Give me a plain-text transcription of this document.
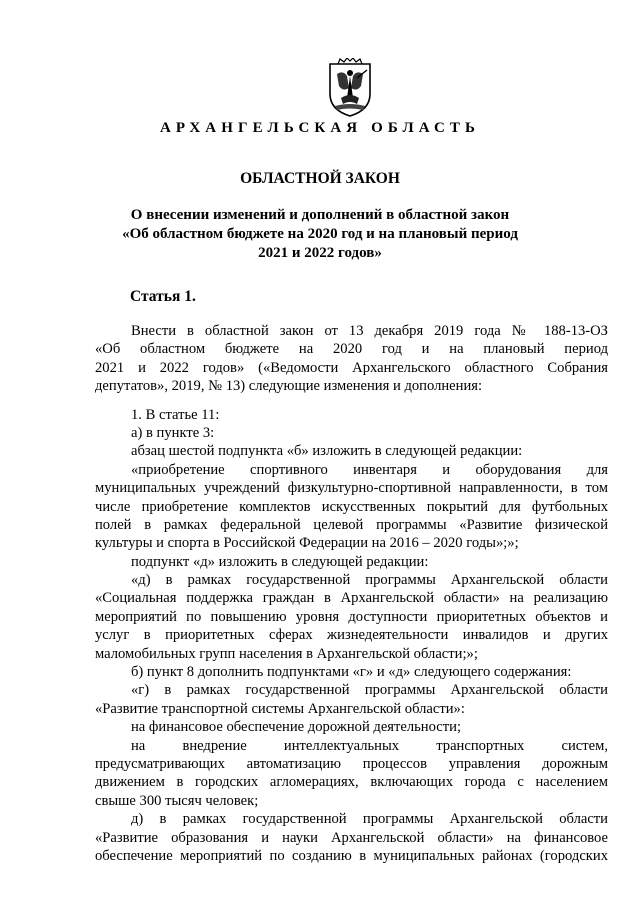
АРХАНГЕЛЬСКАЯ ОБЛАСТЬ
ОБЛАСТНОЙ ЗАКОН
О внесении изменений и дополнений в областной закон
«Об областном бюджете на 2020 год и на плановый период
2021 и 2022 годов»
Статья 1.

Внести в областной закон от 13 декабря 2019 года № 188-13-ОЗ

«Об областном бюджете на 2020 год и на плановый период

2021 и 2022 годов» («Ведомости Архангельского областного Собрания

депутатов», 2019, № 13) следующие изменения и дополнения:

1. В статье 11:

а) в пункте 3:

абзац шестой подпункта «б» изложить в следующей редакции:

«приобретение спортивного инвентаря и оборудования для

муниципальных учреждений физкультурно-спортивной направленности, в том

числе приобретение комплектов искусственных покрытий для футбольных

полей в рамках федеральной целевой программы «Развитие физической

культуры и спорта в Российской Федерации на 2016 – 2020 годы»;»;

подпункт «д» изложить в следующей редакции:

«д) в рамках государственной программы Архангельской области

«Социальная поддержка граждан в Архангельской области» на реализацию

мероприятий по повышению уровня доступности приоритетных объектов и

услуг в приоритетных сферах жизнедеятельности инвалидов и других

маломобильных групп населения в Архангельской области;»;

б) пункт 8 дополнить подпунктами «г» и «д» следующего содержания:

«г) в рамках государственной программы Архангельской области

«Развитие транспортной системы Архангельской области»:

на финансовое обеспечение дорожной деятельности;

на внедрение интеллектуальных транспортных систем,

предусматривающих автоматизацию процессов управления дорожным

движением в городских агломерациях, включающих города с населением

свыше 300 тысяч человек;

д) в рамках государственной программы Архангельской области

«Развитие образования и науки Архангельской области» на финансовое

обеспечение мероприятий по созданию в муниципальных районах (городских
